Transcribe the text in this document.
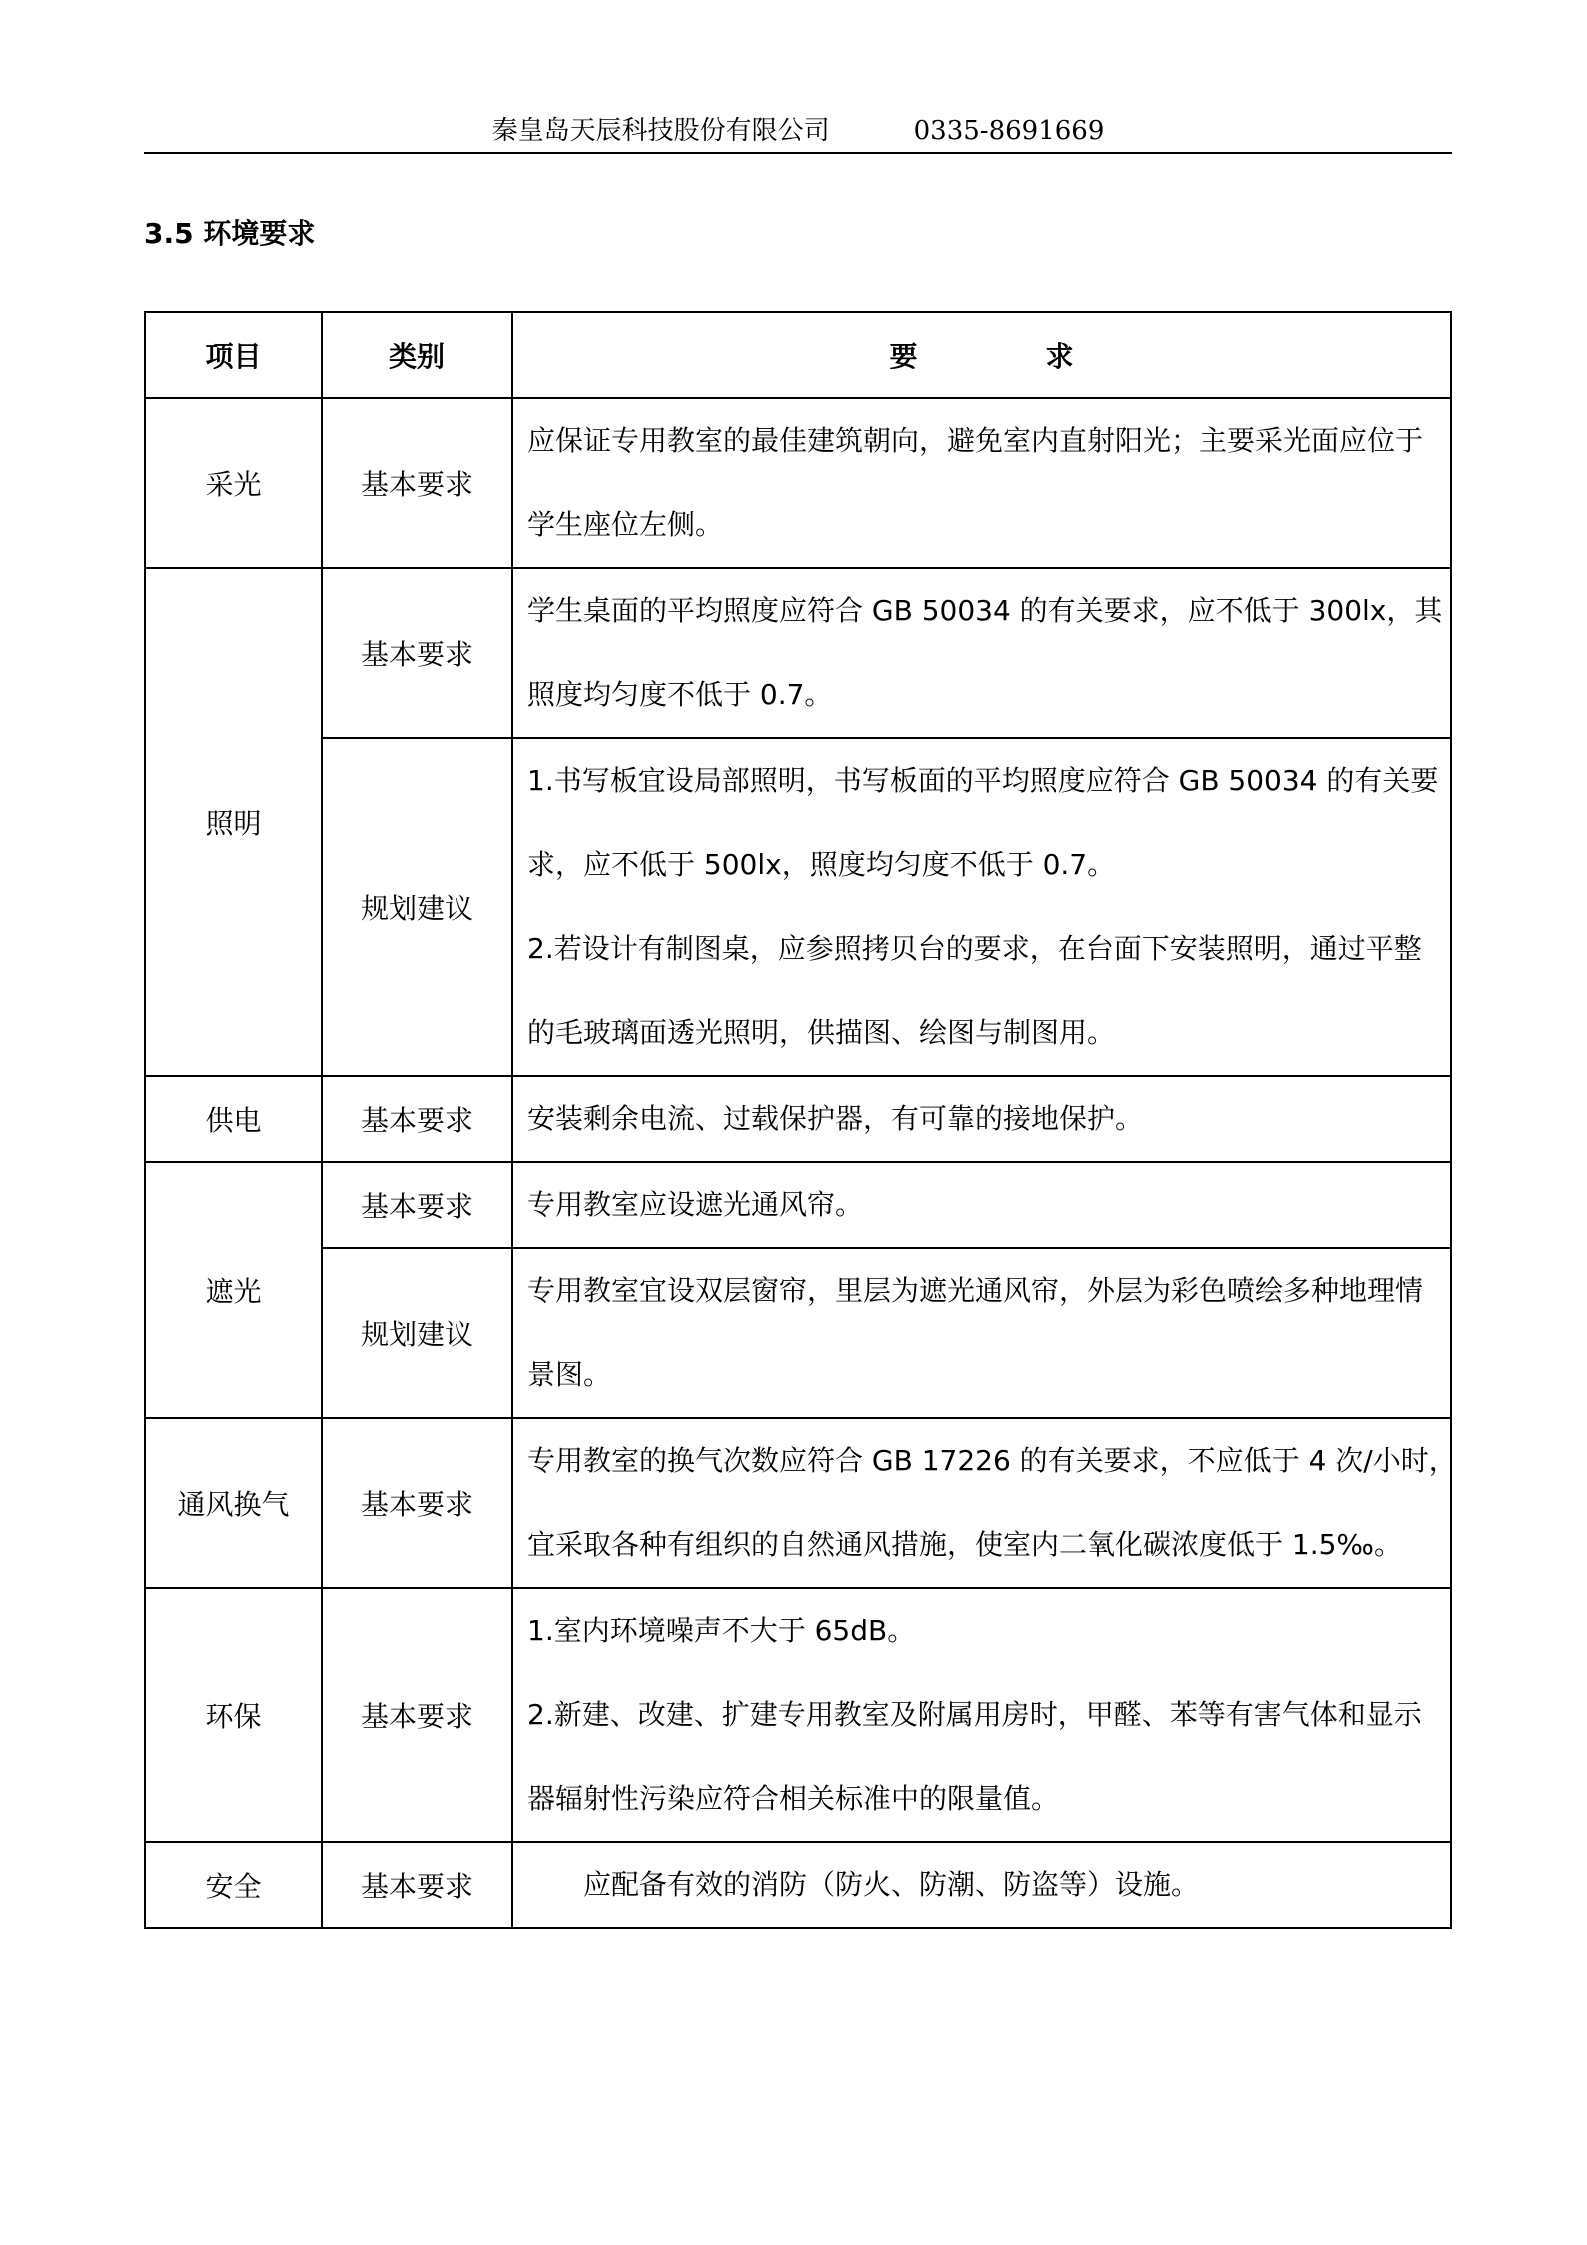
秦皇岛天辰科技股份有限公司	0335-8691669
3.5 环境要求
项目	类别	要 求
采光	基本要求	应保证专用教室的最佳建筑朝向，避免室内直射阳光；主要采光面应位于
学生座位左侧。

照明	基本要求	学生桌面的平均照度应符合 GB 50034 的有关要求，应不低于 300lx，其
照度均匀度不低于 0.7。

	规划建议	1.书写板宜设局部照明，书写板面的平均照度应符合 GB 50034 的有关要
求，应不低于 500lx，照度均匀度不低于 0.7。
2.若设计有制图桌，应参照拷贝台的要求，在台面下安装照明，通过平整
的毛玻璃面透光照明，供描图、绘图与制图用。

供电	基本要求	安装剩余电流、过载保护器，有可靠的接地保护。

遮光	基本要求	专用教室应设遮光通风帘。

	规划建议	专用教室宜设双层窗帘，里层为遮光通风帘，外层为彩色喷绘多种地理情
景图。

通风换气	基本要求	专用教室的换气次数应符合 GB 17226 的有关要求，不应低于 4 次/小时，
宜采取各种有组织的自然通风措施，使室内二氧化碳浓度低于 1.5‰。

环保	基本要求	1.室内环境噪声不大于 65dB。
2.新建、改建、扩建专用教室及附属用房时，甲醛、苯等有害气体和显示
器辐射性污染应符合相关标准中的限量值。

安全	基本要求	应配备有效的消防（防火、防潮、防盗等）设施。
